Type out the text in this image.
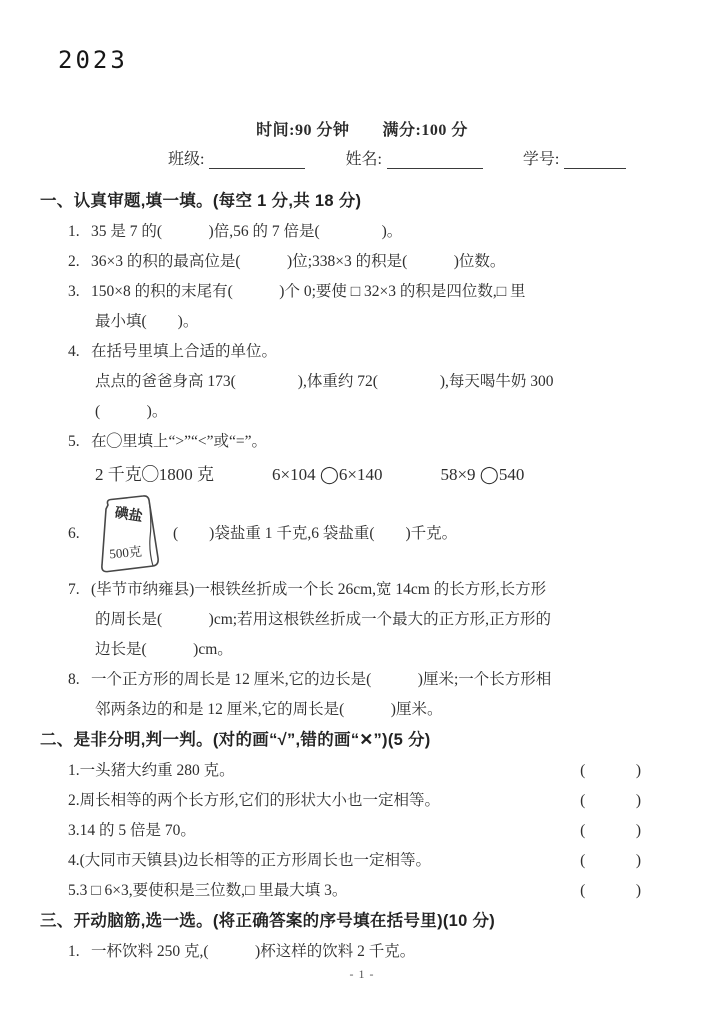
2023
时间:90 分钟　　满分:100 分
班级:	姓名:	学号:
一、认真审题,填一填。(每空 1 分,共 18 分)
1. 35 是 7 的(　　　)倍,56 的 7 倍是(　　　　)。
2. 36×3 的积的最高位是(　　　)位;338×3 的积是(　　　)位数。
3. 150×8 的积的末尾有(　　　)个 0;要使 □ 32×3 的积是四位数,□ 里
最小填(　　)。
4. 在括号里填上合适的单位。
点点的爸爸身高 173(　　　　),体重约 72(　　　　),每天喝牛奶 300
(　　　)。
5. 在◯里填上“>”“<”或“=”。
2 千克◯1800 克	6×104 ◯6×140	58×9 ◯540
6.
碘盐
500克
(　　)袋盐重 1 千克,6 袋盐重(　　)千克。
7. (毕节市纳雍县)一根铁丝折成一个长 26cm,宽 14cm 的长方形,长方形
的周长是(　　　)cm;若用这根铁丝折成一个最大的正方形,正方形的
边长是(　　　)cm。
8. 一个正方形的周长是 12 厘米,它的边长是(　　　)厘米;一个长方形相
邻两条边的和是 12 厘米,它的周长是(　　　)厘米。
二、是非分明,判一判。(对的画“√”,错的画“✕”)(5 分)
1.一头猪大约重 280 克。	(　　　)
2.周长相等的两个长方形,它们的形状大小也一定相等。	(　　　)
3.14 的 5 倍是 70。	(　　　)
4.(大同市天镇县)边长相等的正方形周长也一定相等。	(　　　)
5.3 □ 6×3,要使积是三位数,□ 里最大填 3。	(　　　)
三、开动脑筋,选一选。(将正确答案的序号填在括号里)(10 分)
1. 一杯饮料 250 克,(　　　)杯这样的饮料 2 千克。
- 1 -
